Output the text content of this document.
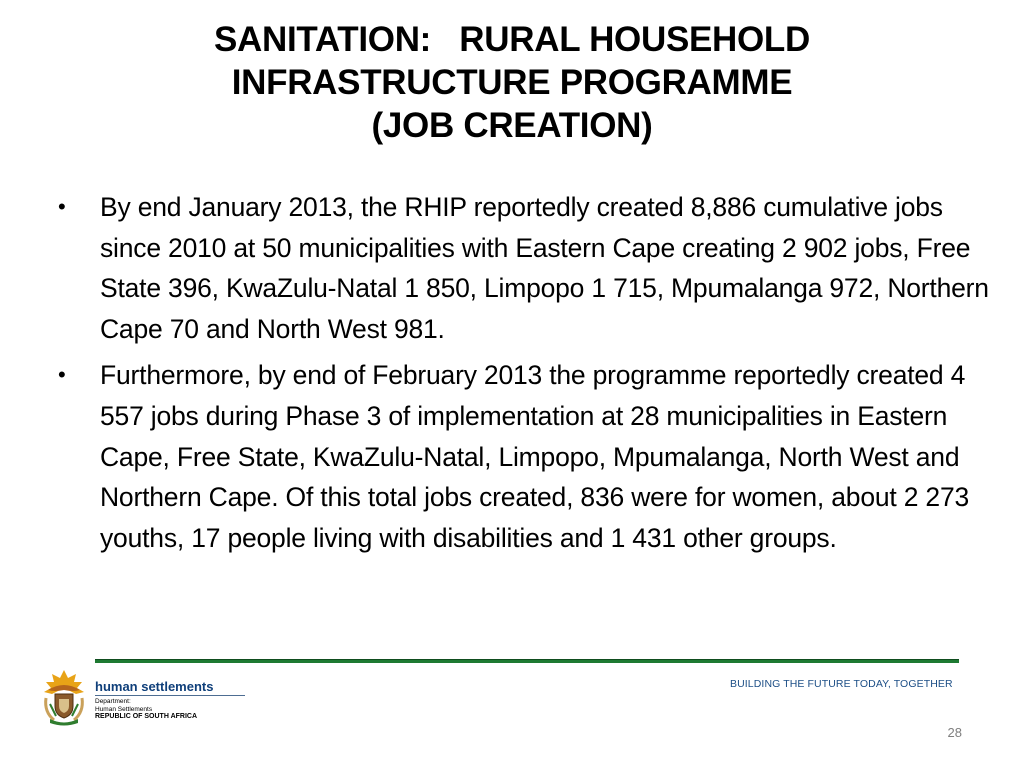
SANITATION:   RURAL HOUSEHOLD
INFRASTRUCTURE PROGRAMME
(JOB CREATION)
•	By end January 2013, the RHIP reportedly created 8,886 cumulative jobs since 2010 at 50 municipalities with Eastern Cape creating 2 902 jobs, Free State 396, KwaZulu-Natal 1 850, Limpopo 1 715, Mpumalanga 972, Northern Cape 70 and North West 981.
•	Furthermore, by end of February 2013 the programme reportedly created 4 557 jobs during Phase 3 of implementation at 28 municipalities in Eastern Cape, Free State, KwaZulu-Natal, Limpopo, Mpumalanga, North West and Northern Cape. Of this total jobs created, 836 were for women, about 2 273 youths, 17 people living with disabilities and 1 431 other groups.
human settlements
Department:
Human Settlements
REPUBLIC OF SOUTH AFRICA
BUILDING THE FUTURE TODAY, TOGETHER
28
